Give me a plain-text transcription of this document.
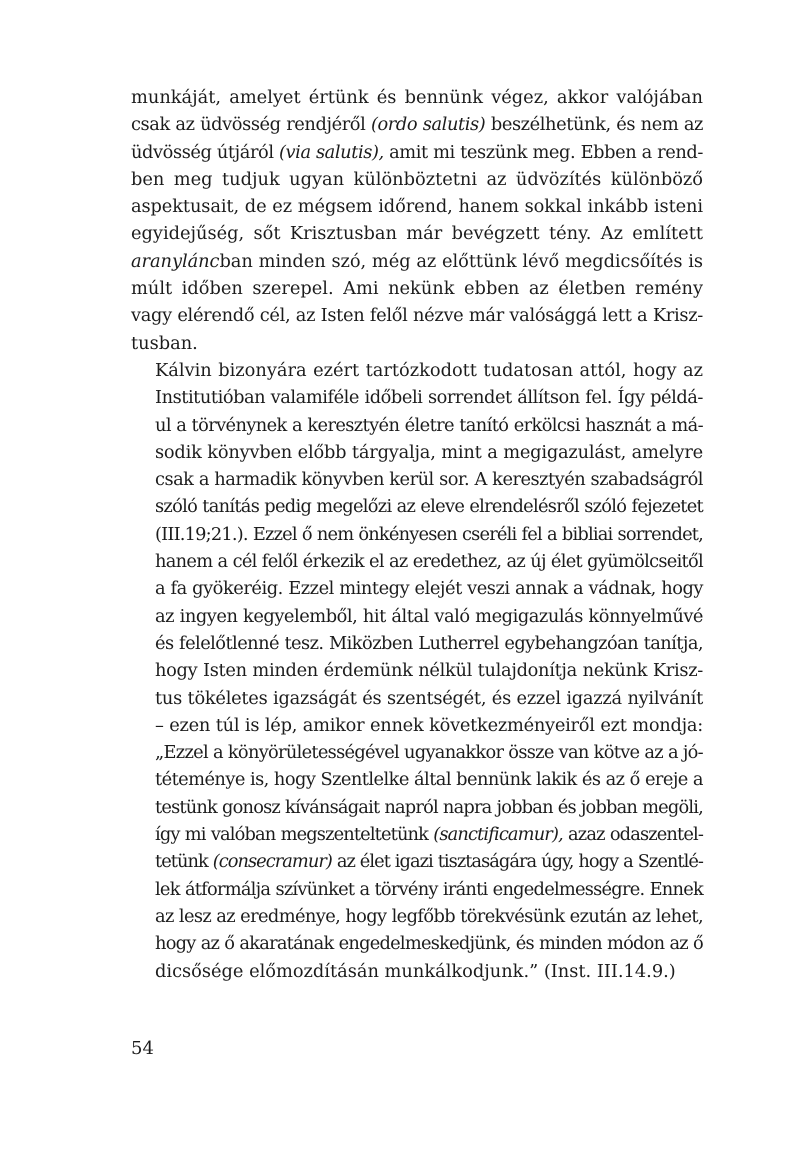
munkáját, amelyet értünk és bennünk végez, akkor valójában
csak az üdvösség rendjéről (ordo salutis) beszélhetünk, és nem az
üdvösség útjáról (via salutis), amit mi teszünk meg. Ebben a rend-
ben meg tudjuk ugyan különböztetni az üdvözítés különböző
aspektusait, de ez mégsem időrend, hanem sokkal inkább isteni
egyidejűség, sőt Krisztusban már bevégzett tény. Az említett
aranyláncban minden szó, még az előttünk lévő megdicsőítés is
múlt időben szerepel. Ami nekünk ebben az életben remény
vagy elérendő cél, az Isten felől nézve már valósággá lett a Krisz-
tusban.

Kálvin bizonyára ezért tartózkodott tudatosan attól, hogy az
Institutióban valamiféle időbeli sorrendet állítson fel. Így példá-
ul a törvénynek a keresztyén életre tanító erkölcsi hasznát a má-
sodik könyvben előbb tárgyalja, mint a megigazulást, amelyre
csak a harmadik könyvben kerül sor. A keresztyén szabadságról
szóló tanítás pedig megelőzi az eleve elrendelésről szóló fejezetet
(III.19;21.). Ezzel ő nem önkényesen cseréli fel a bibliai sorrendet,
hanem a cél felől érkezik el az eredethez, az új élet gyümölcseitől
a fa gyökeréig. Ezzel mintegy elejét veszi annak a vádnak, hogy
az ingyen kegyelemből, hit által való megigazulás könnyelművé
és felelőtlenné tesz. Miközben Lutherrel egybehangzóan tanítja,
hogy Isten minden érdemünk nélkül tulajdonítja nekünk Krisz-
tus tökéletes igazságát és szentségét, és ezzel igazzá nyilvánít
– ezen túl is lép, amikor ennek következményeiről ezt mondja:
„Ezzel a könyörületességével ugyanakkor össze van kötve az a jó-
téteménye is, hogy Szentlelke által bennünk lakik és az ő ereje a
testünk gonosz kívánságait napról napra jobban és jobban megöli,
így mi valóban megszenteltetünk (sanctificamur), azaz odaszentel-
tetünk (consecramur) az élet igazi tisztaságára úgy, hogy a Szentlé-
lek átformálja szívünket a törvény iránti engedelmességre. Ennek
az lesz az eredménye, hogy legfőbb törekvésünk ezután az lehet,
hogy az ő akaratának engedelmeskedjünk, és minden módon az ő
dicsősége előmozdításán munkálkodjunk.” (Inst. III.14.9.)

54
